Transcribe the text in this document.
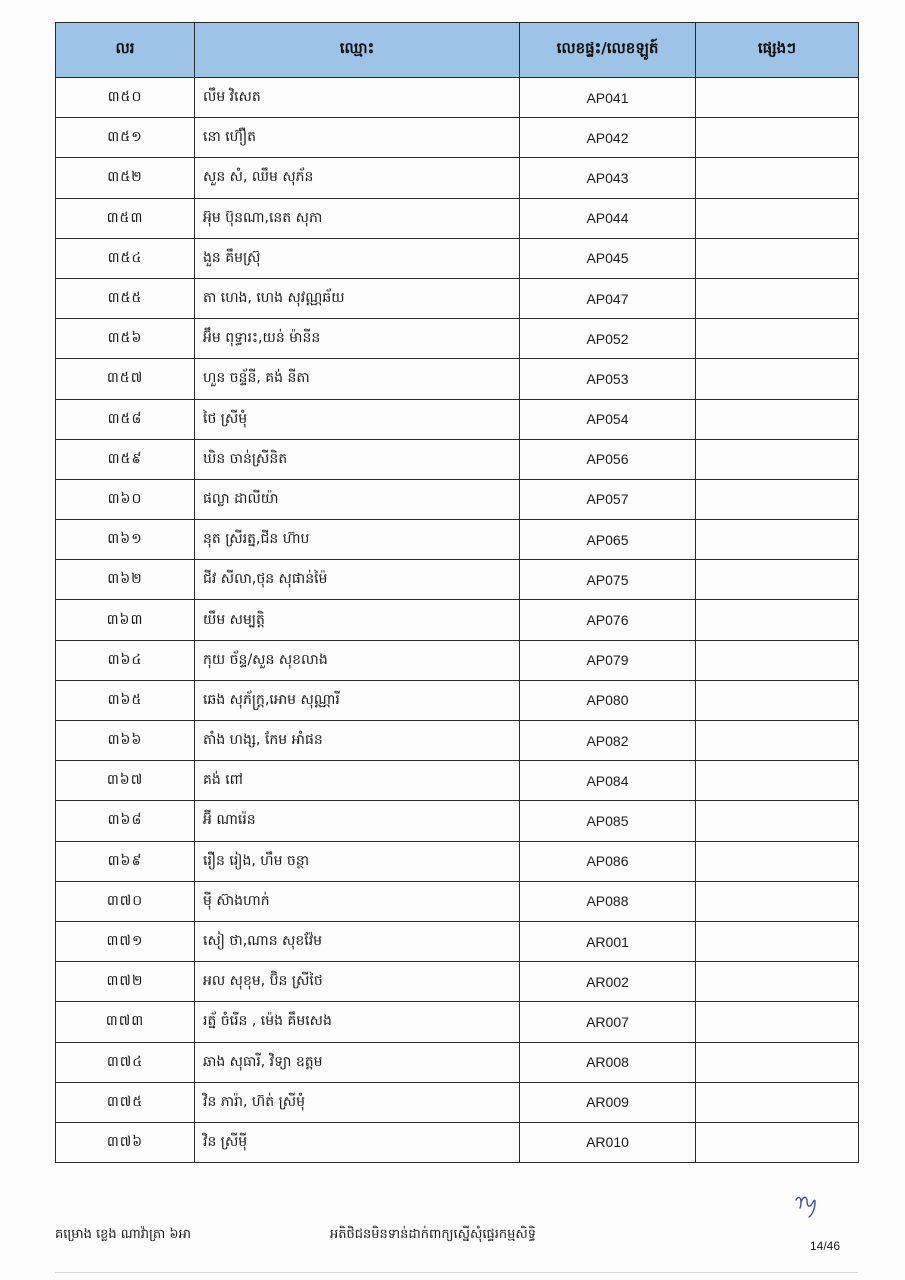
លរ	ឈ្មោះ	លេខផ្ទះ/លេខឡូត៍	ផ្សេងៗ
៣៥០	លឹម វិសេត	AP041	
៣៥១	នោ ហ៊ឿត	AP042	
៣៥២	សួន សំ, ឈឹម សុភ័ន	AP043	
៣៥៣	អ៊ុម ប៊ុនណា,នេត សុភា	AP044	
៣៥៤	ងួន គឹមស្រ៊ុ	AP045	
៣៥៥	តា ហេង, ហេង សុវណ្ណឆ័យ	AP047	
៣៥៦	អ៊ឹម ពុទ្ធារះ,យន់ ម៉ានីន	AP052	
៣៥៧	ហួន ចន្ទ័នី, គង់ នីតា	AP053	
៣៥៨	ថៃ ស្រីមុំ	AP054	
៣៥៩	ឃិន ចាន់ស្រីនិត	AP056	
៣៦០	ផល្លា ដាលីយ៉ា	AP057	
៣៦១	នុត ស្រីរត្ន,ជីន ហ៊ាប	AP065	
៣៦២	ជីវ សីលា,ថុន សុផាន់ម៉ៃ	AP075	
៣៦៣	យឹម សម្បត្តិ	AP076	
៣៦៤	កុយ ច័ន្ទ/សួន សុខលាង	AP079	
៣៦៥	ឆេង សុភ័ក្រ្ត,អោម សុណ្ណារី	AP080	
៣៦៦	តាំង ហង្ស, កែម អាំផន	AP082	
៣៦៧	គង់ ពៅ	AP084	
៣៦៨	អ៊ី ណារ៉េន	AP085	
៣៦៩	រឿន រៀង, ហឹម ចន្ថា	AP086	
៣៧០	ម៉ី ស៊ាងហាក់	AP088	
៣៧១	សៀ ថា,ណាន សុខវ៉ែម	AR001	
៣៧២	អល សុខុម, ប៊ិន ស្រីថៃ	AR002	
៣៧៣	រត្ន័ ចំរើន , ម៉េង គឹមសេង	AR007	
៣៧៤	ឆាង សុធារី, វិទ្យា ឧត្តម	AR008	
៣៧៥	វិន ភារ៉ា, ហ៊ត់ ស្រីមុំ	AR009	
៣៧៦	វិន ស្រីម៉ី	AR010	
គម្រោង ខ្លេង ណាវ៉ាត្រា ៦អា	អតិថិជនមិនទាន់ដាក់ពាក្យស្នើសុំផ្ទេរកម្មសិទ្ធិ
14/46
